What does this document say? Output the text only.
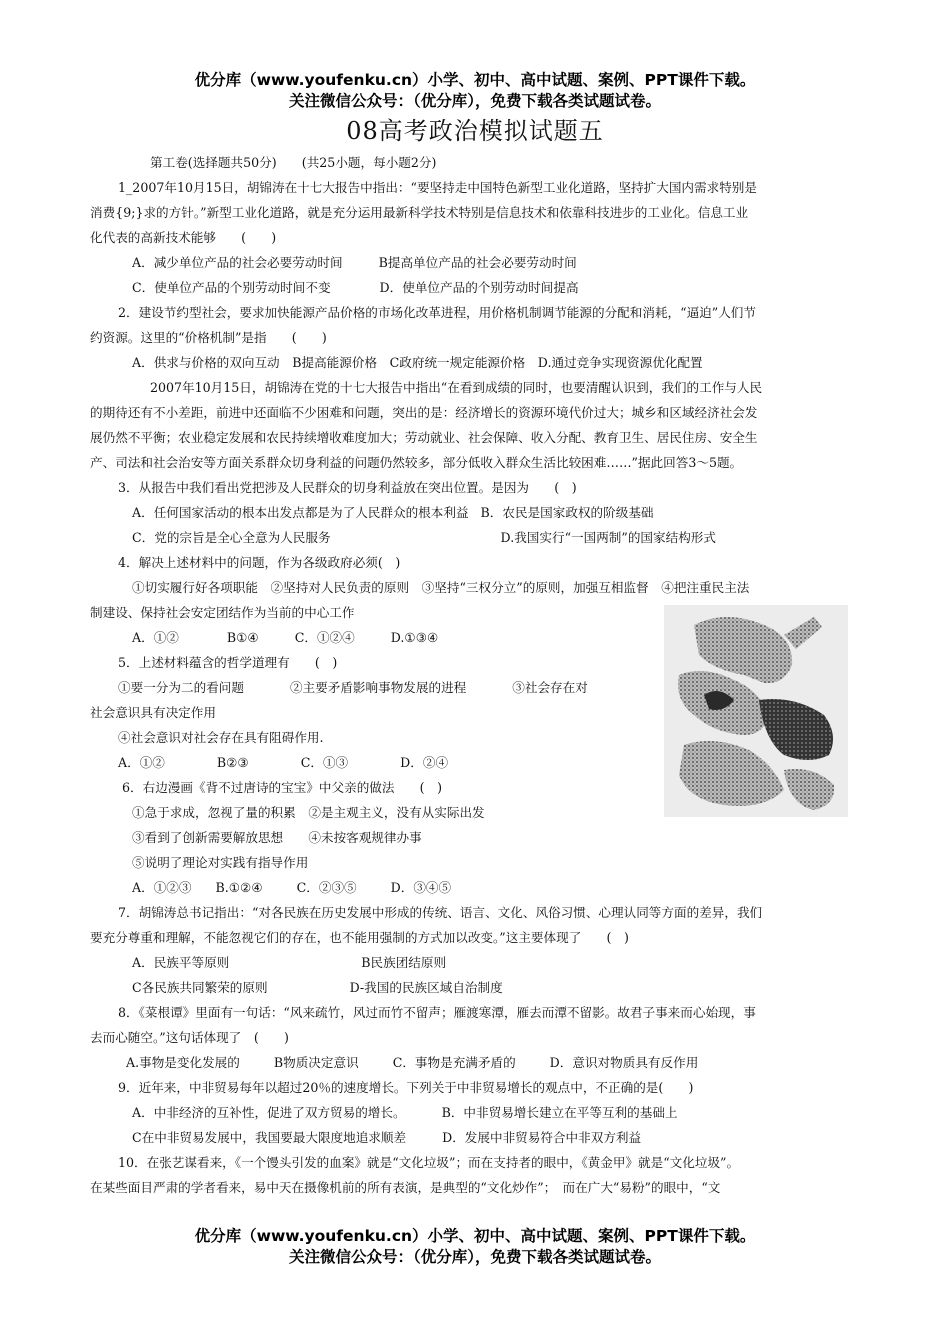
优分库（www.youfenku.cn）小学、初中、高中试题、案例、PPT课件下载。
关注微信公众号：（优分库），免费下载各类试题试卷。
08高考政治模拟试题五
第工卷(选择题共50分)　　(共25小题，每小题2分)
1_2007年10月15日，胡锦涛在十七大报告中指出：“要坚持走中国特色新型工业化道路，坚持扩大国内需求特别是
消费{9;}求的方针。”新型工业化道路，就是充分运用最新科学技术特别是信息技术和依靠科技进步的工业化。信息工业
化代表的高新技术能够　　(　　)
A．减少单位产品的社会必要劳动时间	B提高单位产品的社会必要劳动时间
C．使单位产品的个别劳动时间不变	D．使单位产品的个别劳动时间提高
2．建设节约型社会，要求加快能源产品价格的市场化改革进程，用价格机制调节能源的分配和消耗，“逼迫”人们节
约资源。这里的“价格机制”是指　　(　　)
A．供求与价格的双向互动　B提高能源价格　C政府统一规定能源价格　D.通过竞争实现资源优化配置
2007年10月15日，胡锦涛在党的十七大报告中指出“在看到成绩的同时，也要清醒认识到，我们的工作与人民
的期待还有不小差距，前进中还面临不少困难和问题，突出的是：经济增长的资源环境代价过大；城乡和区域经济社会发
展仍然不平衡；农业稳定发展和农民持续增收难度加大；劳动就业、社会保障、收入分配、教育卫生、居民住房、安全生
产、司法和社会治安等方面关系群众切身利益的问题仍然较多，部分低收入群众生活比较困难……”据此回答3～5题。
3．从报告中我们看出党把涉及人民群众的切身利益放在突出位置。是因为　　(　)
A．任何国家活动的根本出发点都是为了人民群众的根本利益 B．农民是国家政权的阶级基础
C．党的宗旨是全心全意为人民服务	D.我国实行“一国两制”的国家结构形式
4．解决上述材料中的问题，作为各级政府必须(　)
①切实履行好各项职能　②坚持对人民负责的原则　③坚持“三权分立”的原则，加强互相监督　④把注重民主法
制建设、保持社会安定团结作为当前的中心工作
A．①②	B①④	C．①②④	D.①③④
5．上述材料蕴含的哲学道理有　　(　)
①要一分为二的看问题	②主要矛盾影响事物发展的进程	③社会存在对
社会意识具有决定作用
④社会意识对社会存在具有阻碍作用.
A．①②	B②③	C．①③	D．②④
6．右边漫画《背不过唐诗的宝宝》中父亲的做法　　(　)
①急于求成，忽视了量的积累　②是主观主义，没有从实际出发
③看到了创新需要解放思想　　④未按客观规律办事
⑤说明了理论对实践有指导作用
A．①②③ B.①②④	C．②③⑤	D．③④⑤
7．胡锦涛总书记指出：“对各民族在历史发展中形成的传统、语言、文化、风俗习惯、心理认同等方面的差异，我们
要充分尊重和理解，不能忽视它们的存在，也不能用强制的方式加以改变。”这主要体现了　　(　)
A．民族平等原则	B民族团结原则
C各民族共同繁荣的原则	D-我国的民族区域自治制度
8．《菜根谭》里面有一句话：“风来疏竹，风过而竹不留声；雁渡寒潭，雁去而潭不留影。故君子事来而心始现，事
去而心随空。”这句话体现了　(　　)
A.事物是变化发展的	B物质决定意识	C．事物是充满矛盾的	D．意识对物质具有反作用
9．近年来，中非贸易每年以超过20％的速度增长。下列关于中非贸易增长的观点中，不正确的是(　　)
A．中非经济的互补性，促进了双方贸易的增长。	B．中非贸易增长建立在平等互利的基础上
C在中非贸易发展中，我国要最大限度地追求顺差	D．发展中非贸易符合中非双方利益
10．在张艺谋看来，《一个馒头引发的血案》就是“文化垃圾”；而在支持者的眼中，《黄金甲》就是“文化垃圾”。
在某些面目严肃的学者看来，易中天在摄像机前的所有表演，是典型的“文化炒作”；　而在广大“易粉”的眼中，“文
优分库（www.youfenku.cn）小学、初中、高中试题、案例、PPT课件下载。
关注微信公众号：（优分库），免费下载各类试题试卷。
